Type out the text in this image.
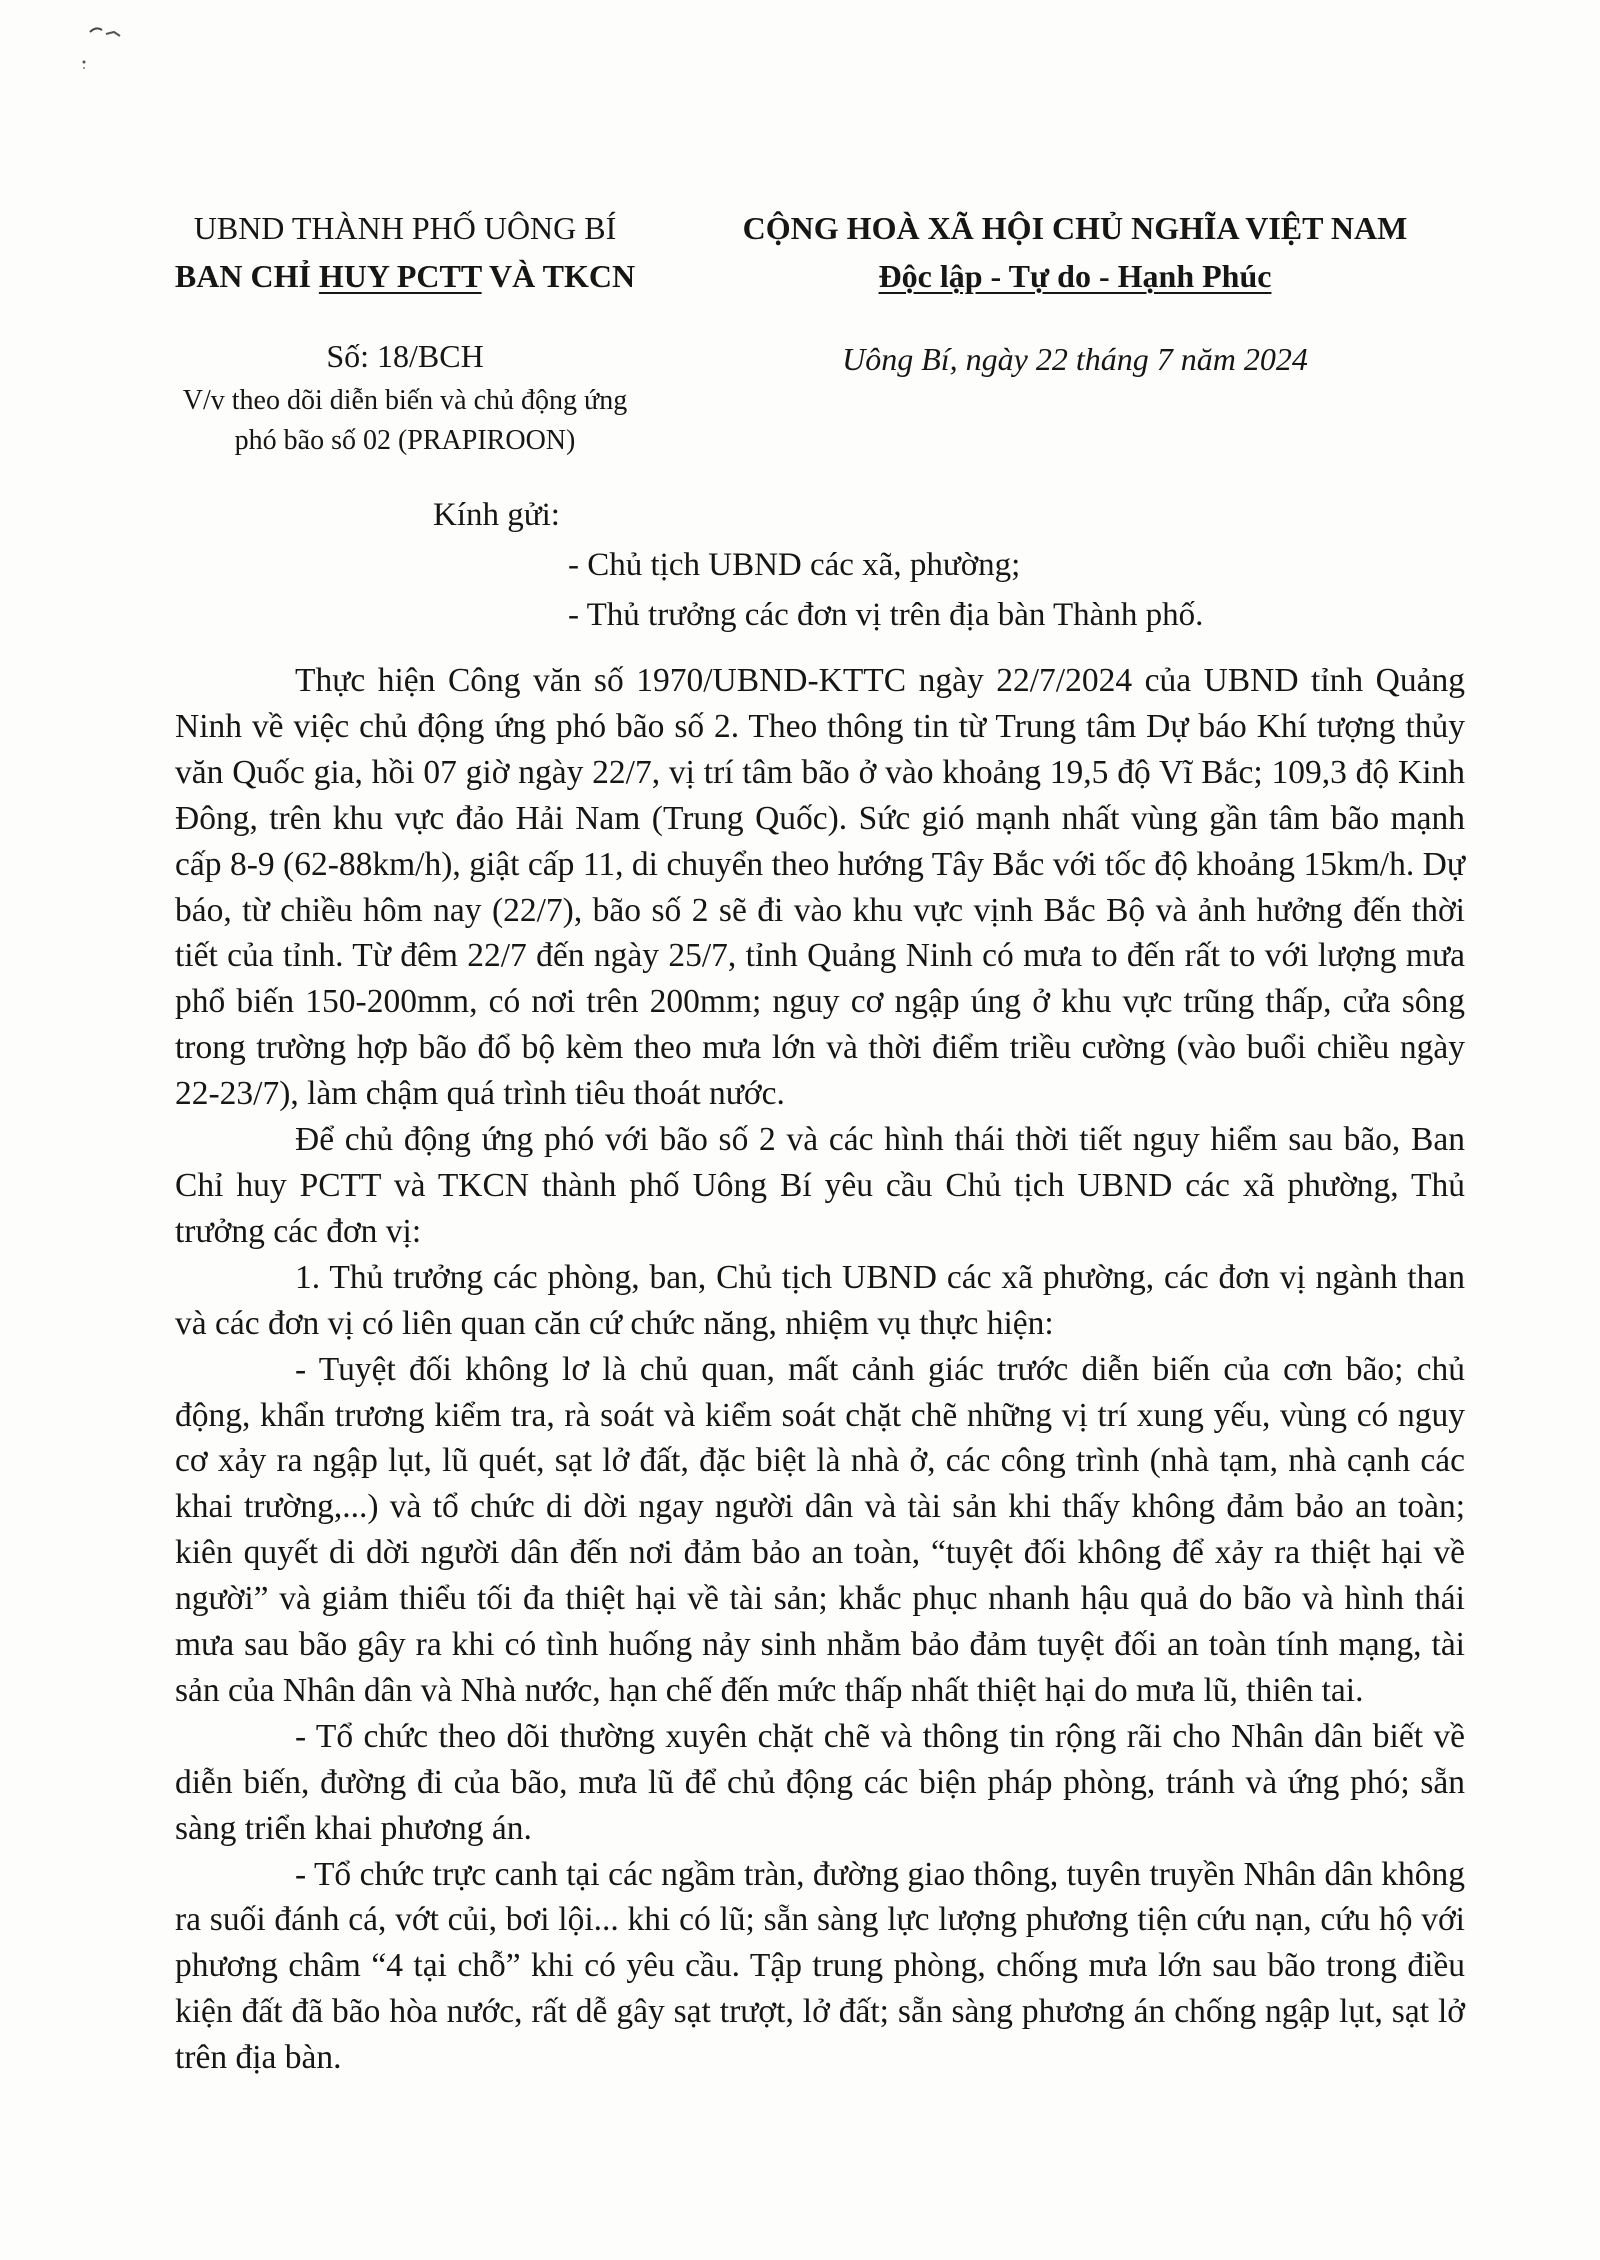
UBND THÀNH PHỐ UÔNG BÍ
BAN CHỈ HUY PCTT VÀ TKCN
Số: 18/BCH
V/v theo dõi diễn biến và chủ động ứng
phó bão số 02 (PRAPIROON)
CỘNG HOÀ XÃ HỘI CHỦ NGHĨA VIỆT NAM
Độc lập - Tự do - Hạnh Phúc
Uông Bí, ngày 22 tháng 7 năm 2024
Kính gửi:
- Chủ tịch UBND các xã, phường;
- Thủ trưởng các đơn vị trên địa bàn Thành phố.

Thực hiện Công văn số 1970/UBND-KTTC ngày 22/7/2024 của UBND tỉnh Quảng Ninh về việc chủ động ứng phó bão số 2. Theo thông tin từ Trung tâm Dự báo Khí tượng thủy văn Quốc gia, hồi 07 giờ ngày 22/7, vị trí tâm bão ở vào khoảng 19,5 độ Vĩ Bắc; 109,3 độ Kinh Đông, trên khu vực đảo Hải Nam (Trung Quốc). Sức gió mạnh nhất vùng gần tâm bão mạnh cấp 8-9 (62-88km/h), giật cấp 11, di chuyển theo hướng Tây Bắc với tốc độ khoảng 15km/h. Dự báo, từ chiều hôm nay (22/7), bão số 2 sẽ đi vào khu vực vịnh Bắc Bộ và ảnh hưởng đến thời tiết của tỉnh. Từ đêm 22/7 đến ngày 25/7, tỉnh Quảng Ninh có mưa to đến rất to với lượng mưa phổ biến 150-200mm, có nơi trên 200mm; nguy cơ ngập úng ở khu vực trũng thấp, cửa sông trong trường hợp bão đổ bộ kèm theo mưa lớn và thời điểm triều cường (vào buổi chiều ngày 22-23/7), làm chậm quá trình tiêu thoát nước.

Để chủ động ứng phó với bão số 2 và các hình thái thời tiết nguy hiểm sau bão, Ban Chỉ huy PCTT và TKCN thành phố Uông Bí yêu cầu Chủ tịch UBND các xã phường, Thủ trưởng các đơn vị:

1. Thủ trưởng các phòng, ban, Chủ tịch UBND các xã phường, các đơn vị ngành than và các đơn vị có liên quan căn cứ chức năng, nhiệm vụ thực hiện:

- Tuyệt đối không lơ là chủ quan, mất cảnh giác trước diễn biến của cơn bão; chủ động, khẩn trương kiểm tra, rà soát và kiểm soát chặt chẽ những vị trí xung yếu, vùng có nguy cơ xảy ra ngập lụt, lũ quét, sạt lở đất, đặc biệt là nhà ở, các công trình (nhà tạm, nhà cạnh các khai trường,...) và tổ chức di dời ngay người dân và tài sản khi thấy không đảm bảo an toàn; kiên quyết di dời người dân đến nơi đảm bảo an toàn, “tuyệt đối không để xảy ra thiệt hại về người” và giảm thiểu tối đa thiệt hại về tài sản; khắc phục nhanh hậu quả do bão và hình thái mưa sau bão gây ra khi có tình huống nảy sinh nhằm bảo đảm tuyệt đối an toàn tính mạng, tài sản của Nhân dân và Nhà nước, hạn chế đến mức thấp nhất thiệt hại do mưa lũ, thiên tai.

- Tổ chức theo dõi thường xuyên chặt chẽ và thông tin rộng rãi cho Nhân dân biết về diễn biến, đường đi của bão, mưa lũ để chủ động các biện pháp phòng, tránh và ứng phó; sẵn sàng triển khai phương án.

- Tổ chức trực canh tại các ngầm tràn, đường giao thông, tuyên truyền Nhân dân không ra suối đánh cá, vớt củi, bơi lội... khi có lũ; sẵn sàng lực lượng phương tiện cứu nạn, cứu hộ với phương châm “4 tại chỗ” khi có yêu cầu. Tập trung phòng, chống mưa lớn sau bão trong điều kiện đất đã bão hòa nước, rất dễ gây sạt trượt, lở đất; sẵn sàng phương án chống ngập lụt, sạt lở trên địa bàn.
